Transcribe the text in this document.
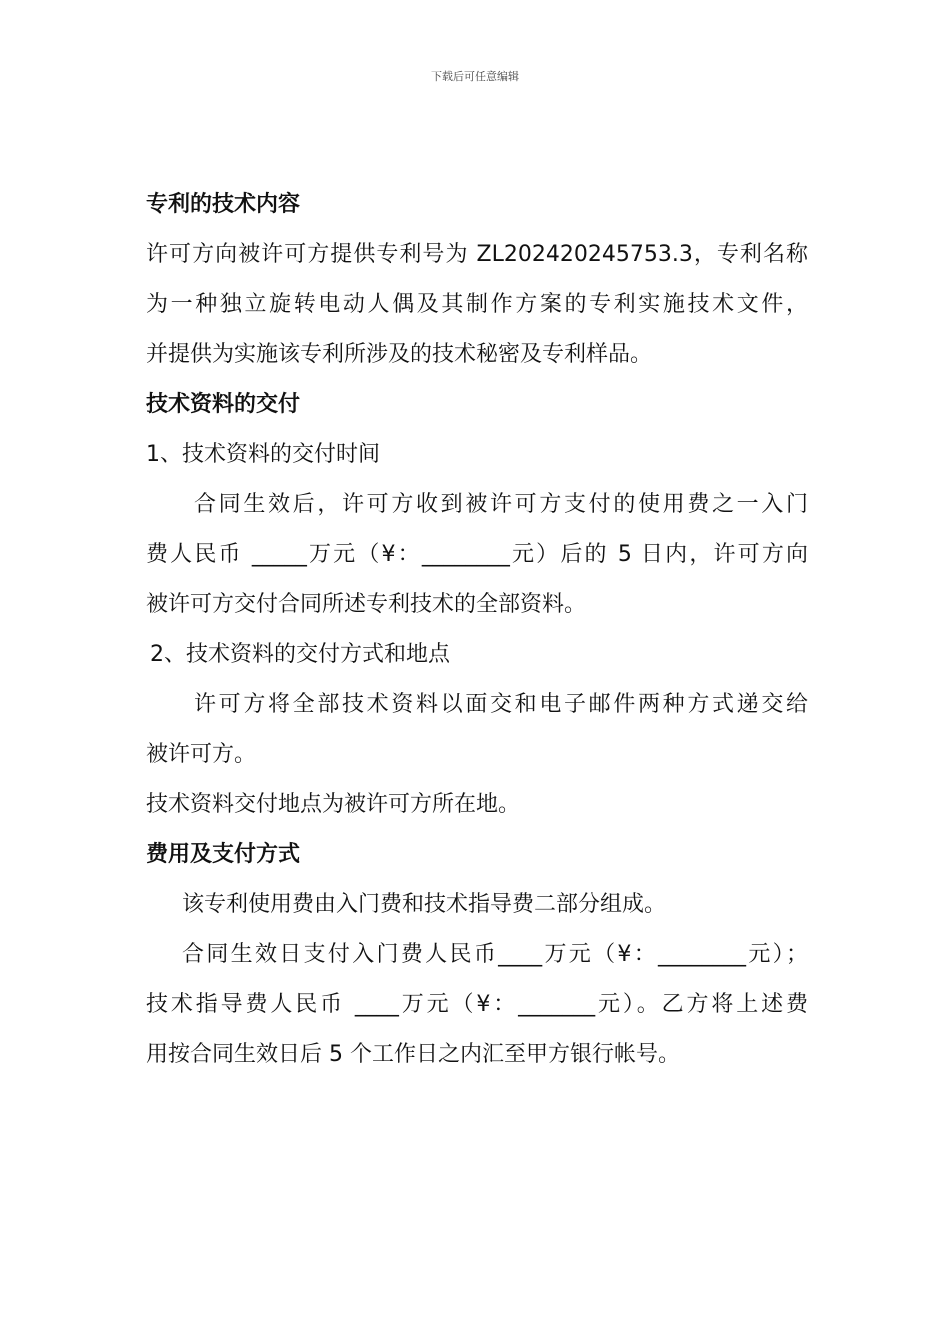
下载后可任意编辑
专利的技术内容
许可方向被许可方提供专利号为 ZL202420245753.3，专利名称
为一种独立旋转电动人偶及其制作方案的专利实施技术文件，
并提供为实施该专利所涉及的技术秘密及专利样品。
技术资料的交付
1、技术资料的交付时间
合同生效后，许可方收到被许可方支付的使用费之一入门
费人民币 _____万元（¥：________元）后的 5 日内，许可方向
被许可方交付合同所述专利技术的全部资料。
2、技术资料的交付方式和地点
许可方将全部技术资料以面交和电子邮件两种方式递交给
被许可方。
技术资料交付地点为被许可方所在地。
费用及支付方式
该专利使用费由入门费和技术指导费二部分组成。
合同生效日支付入门费人民币____万元（¥：________元）；
技术指导费人民币 ____万元（¥：_______元）。乙方将上述费
用按合同生效日后 5 个工作日之内汇至甲方银行帐号。
